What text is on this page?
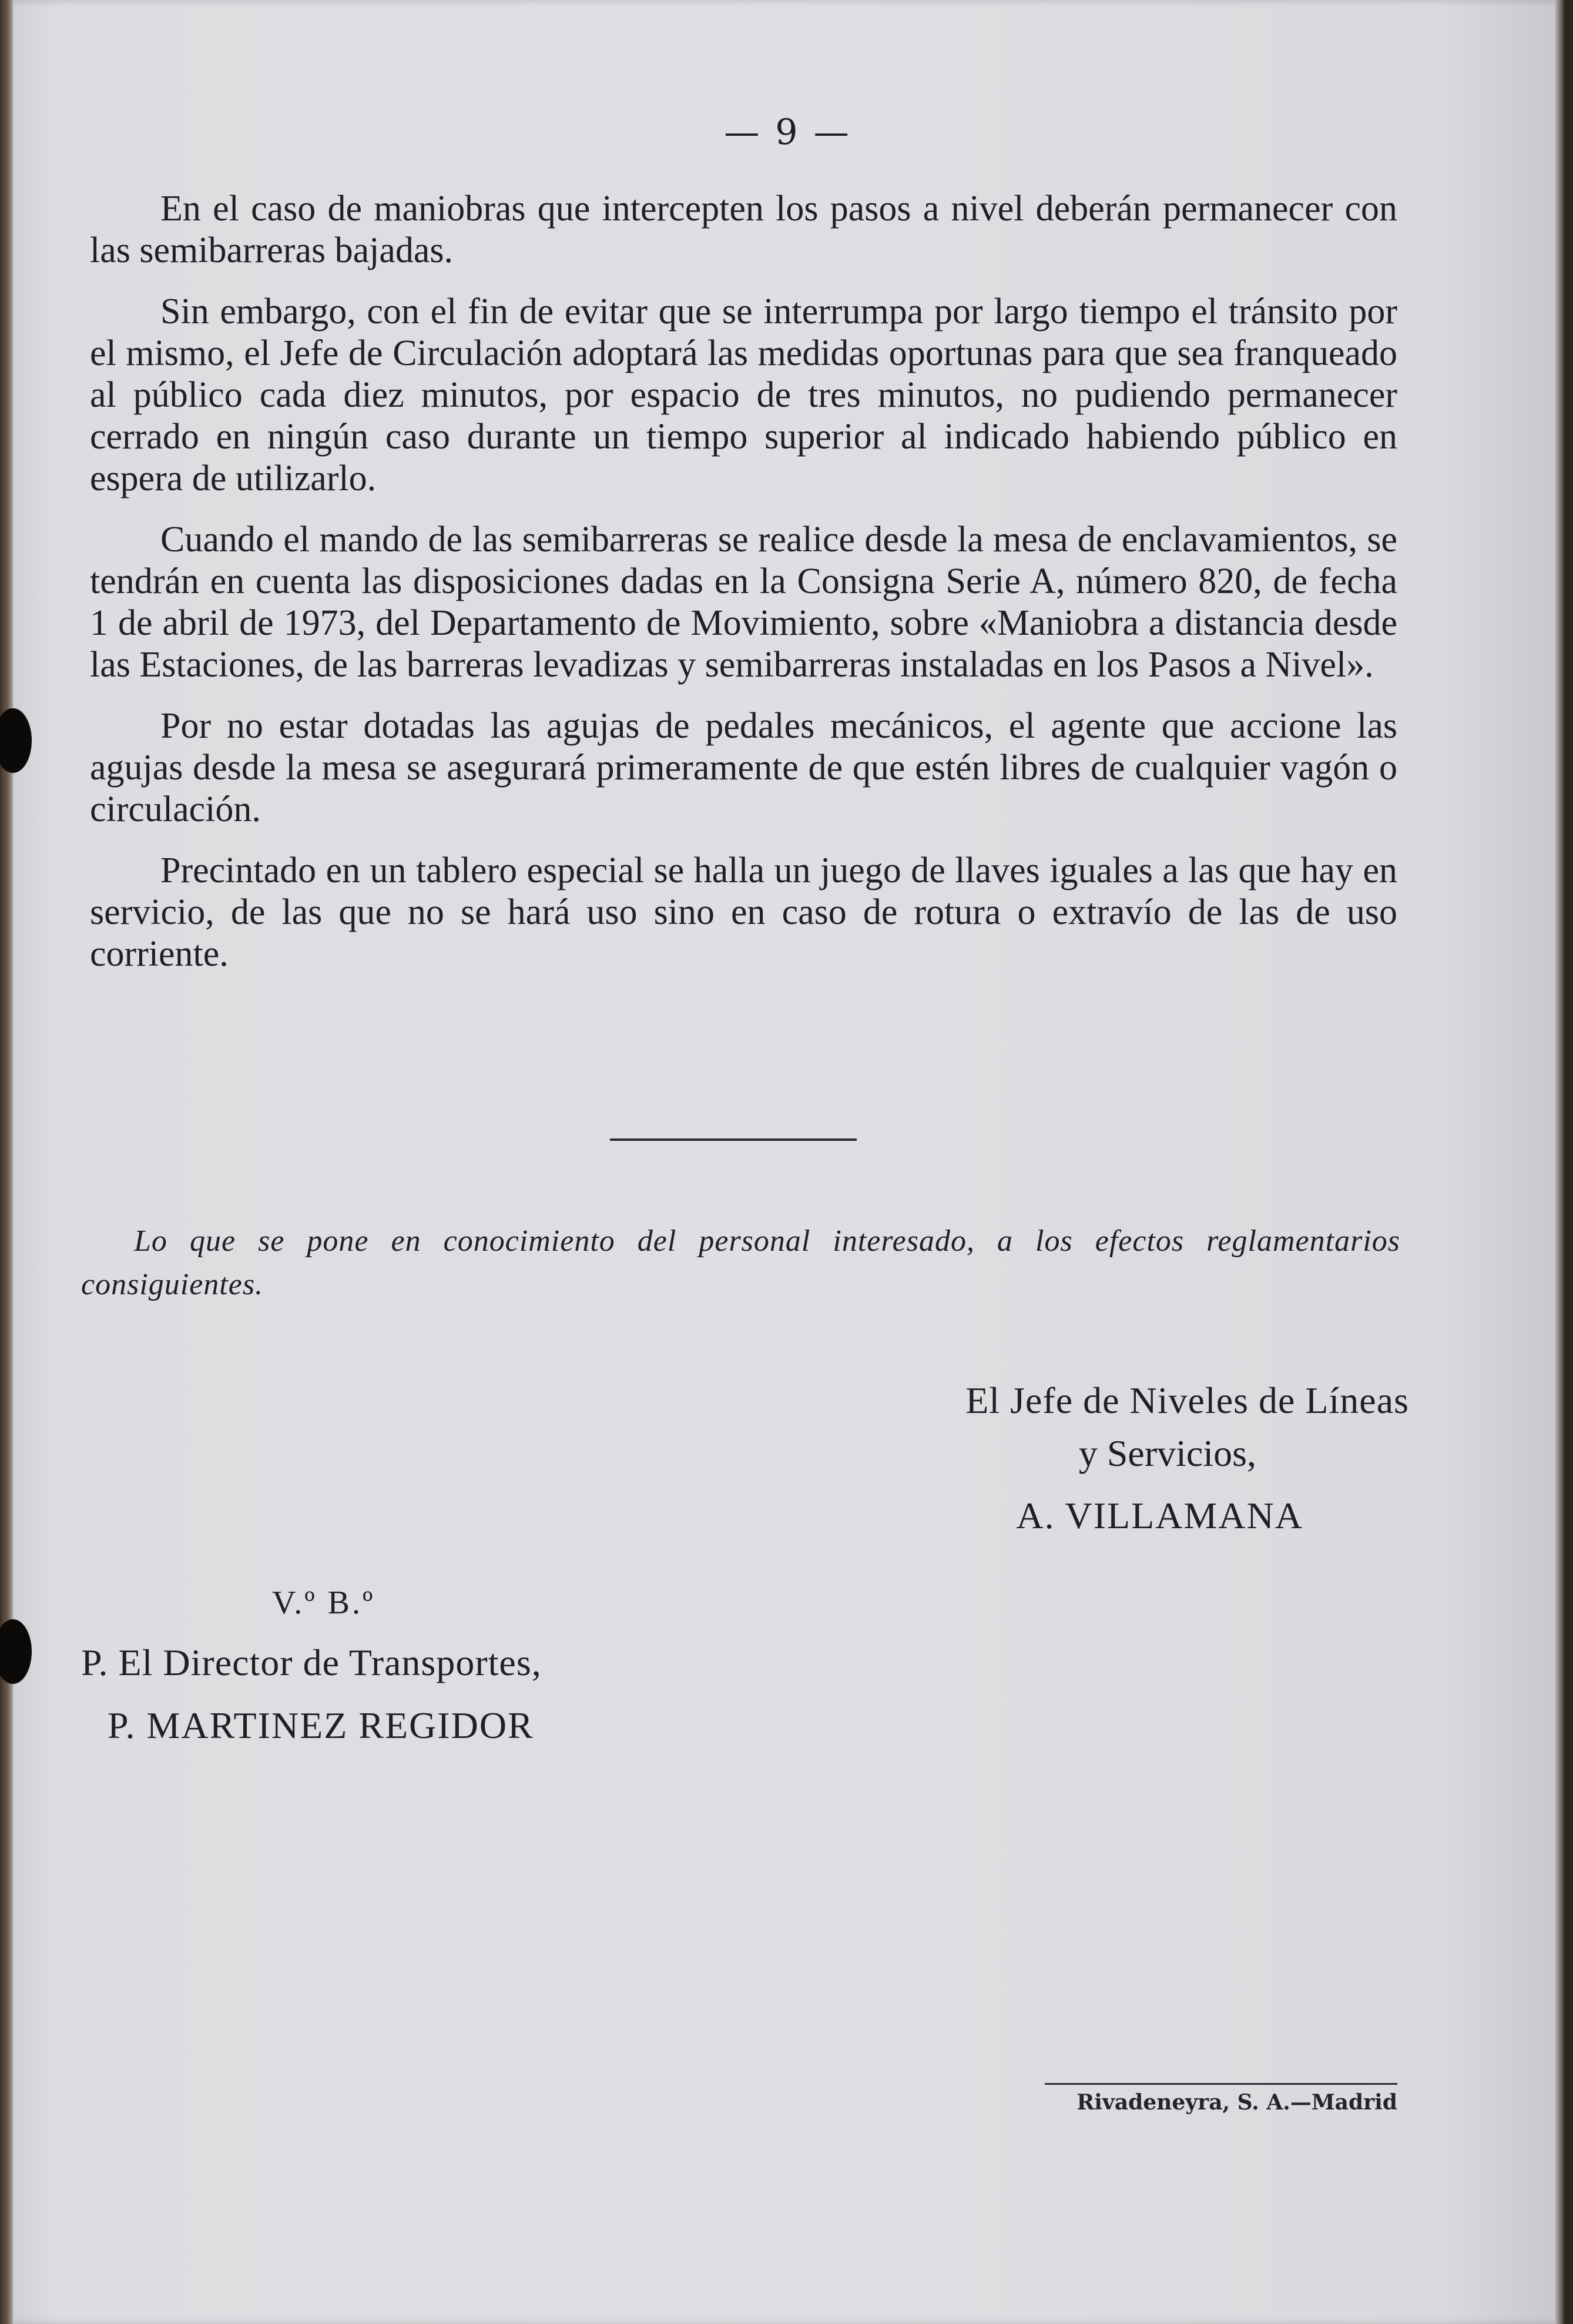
— 9 —

En el caso de maniobras que intercepten los pasos a nivel deberán permanecer con las semibarreras bajadas.

Sin embargo, con el fin de evitar que se interrumpa por largo tiempo el tránsito por el mismo, el Jefe de Circulación adoptará las medidas oportunas para que sea franqueado al público cada diez minutos, por espacio de tres minutos, no pudiendo permanecer cerrado en ningún caso durante un tiempo superior al indicado habiendo público en espera de utilizarlo.

Cuando el mando de las semibarreras se realice desde la mesa de enclavamientos, se tendrán en cuenta las disposiciones dadas en la Consigna Serie A, número 820, de fecha 1 de abril de 1973, del Departamento de Movimiento, sobre «Maniobra a distancia desde las Estaciones, de las barreras levadizas y semibarreras instaladas en los Pasos a Nivel».

Por no estar dotadas las agujas de pedales mecánicos, el agente que accione las agujas desde la mesa se asegurará primeramente de que estén libres de cualquier vagón o circulación.

Precintado en un tablero especial se halla un juego de llaves iguales a las que hay en servicio, de las que no se hará uso sino en caso de rotura o extravío de las de uso corriente.

Lo que se pone en conocimiento del personal interesado, a los efectos reglamentarios consiguientes.
El Jefe de Niveles de Líneas
y Servicios,
A. VILLAMANA
V.º B.º
P. El Director de Transportes,
P. MARTINEZ REGIDOR
Rivadeneyra, S. A.—Madrid
